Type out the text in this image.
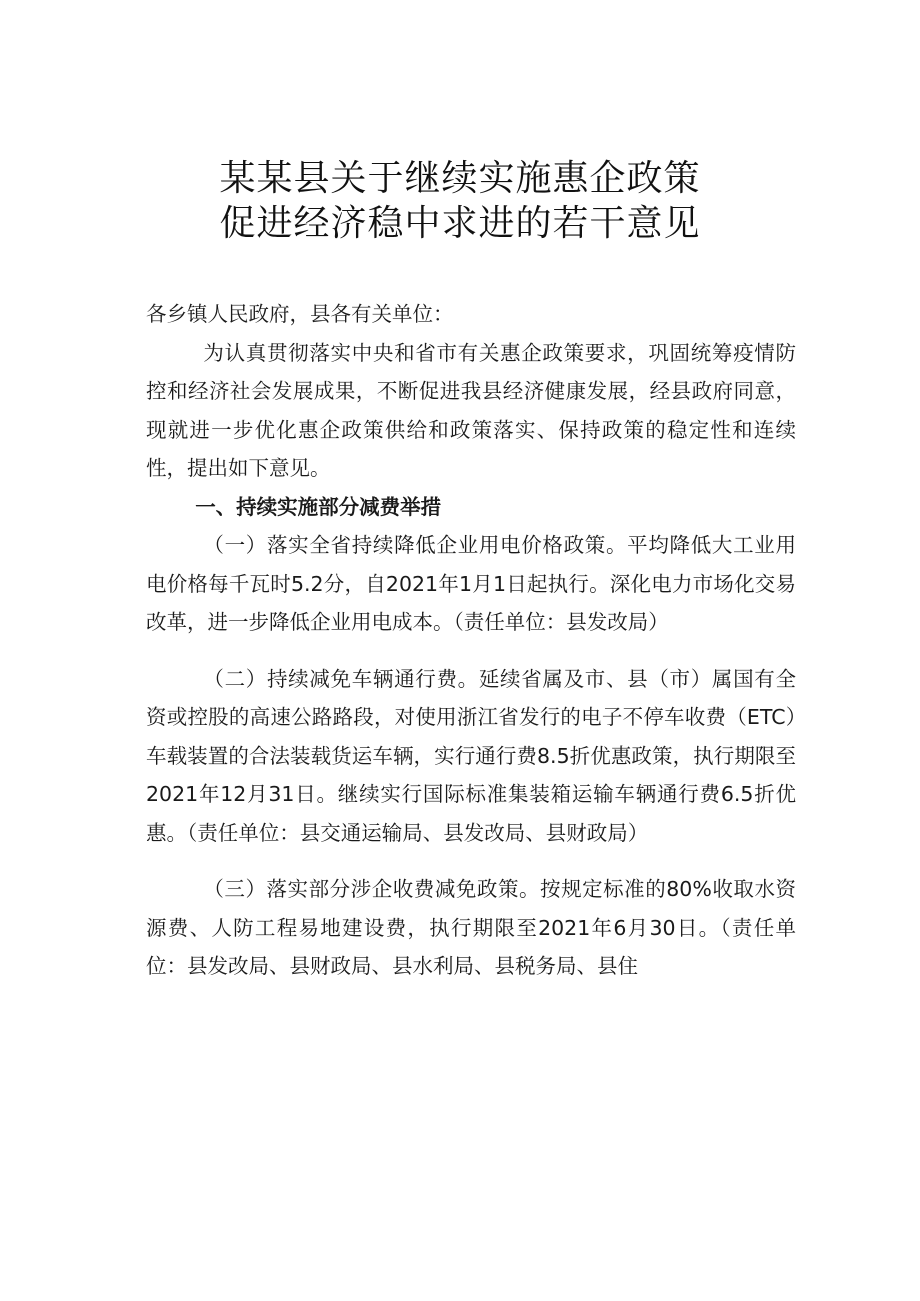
某某县关于继续实施惠企政策
促进经济稳中求进的若干意见

各乡镇人民政府，县各有关单位：

为认真贯彻落实中央和省市有关惠企政策要求，巩固统筹疫情防控和经济社会发展成果，不断促进我县经济健康发展，经县政府同意，现就进一步优化惠企政策供给和政策落实、保持政策的稳定性和连续性，提出如下意见。

一、持续实施部分减费举措

（一）落实全省持续降低企业用电价格政策。平均降低大工业用电价格每千瓦时5.2分，自2021年1月1日起执行。深化电力市场化交易改革，进一步降低企业用电成本。（责任单位：县发改局）

（二）持续减免车辆通行费。延续省属及市、县（市）属国有全资或控股的高速公路路段，对使用浙江省发行的电子不停车收费（ETC）车载装置的合法装载货运车辆，实行通行费8.5折优惠政策，执行期限至2021年12月31日。继续实行国际标准集装箱运输车辆通行费6.5折优惠。（责任单位：县交通运输局、县发改局、县财政局）

（三）落实部分涉企收费减免政策。按规定标准的80%收取水资源费、人防工程易地建设费，执行期限至2021年6月30日。（责任单位：县发改局、县财政局、县水利局、县税务局、县住
